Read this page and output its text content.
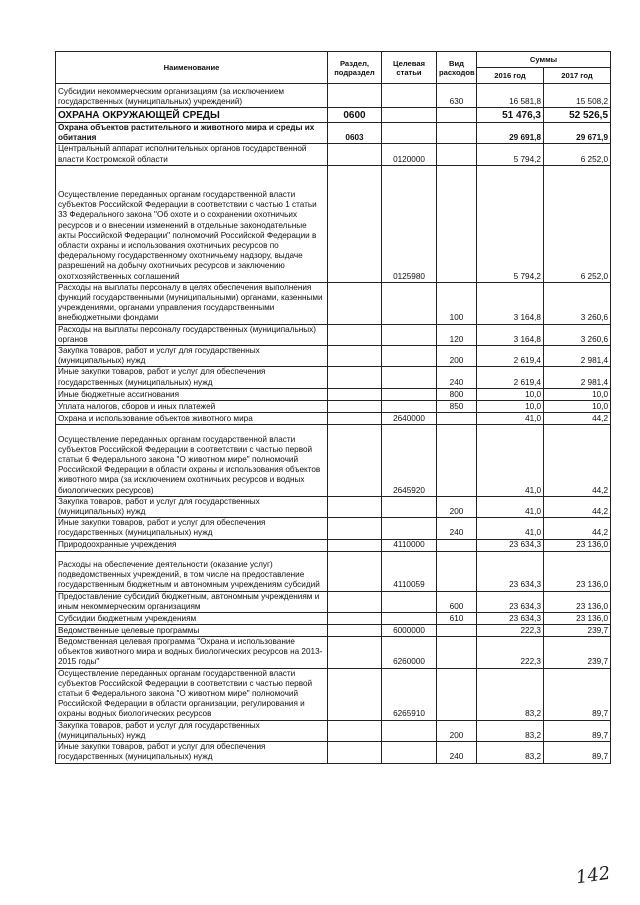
Наименование	Раздел, подраздел	Целевая статьи	Вид расходов	Суммы	
				2016 год	2017 год
Субсидии некоммерческим организациям (за исключением государственных (муниципальных) учреждений)			630	16 581,8	15 508,2
ОХРАНА ОКРУЖАЮЩЕЙ СРЕДЫ	0600			51 476,3	52 526,5
Охрана объектов растительного и животного мира и среды их обитания	0603			29 691,8	29 671,9
Центральный аппарат исполнительных органов государственной власти Костромской области		0120000		5 794,2	6 252,0
Осуществление переданных органам государственной власти субъектов Российской Федерации в соответствии с частью 1 статьи 33 Федерального закона "Об охоте и о сохранении охотничьих ресурсов и о внесении изменений в отдельные законодательные акты Российской Федерации" полномочий Российской Федерации в области охраны и использования охотничьих ресурсов по федеральному государственному охотничьему надзору, выдаче разрешений на добычу охотничьих ресурсов и заключению охотхозяйственных соглашений		0125980		5 794,2	6 252,0
Расходы на выплаты персоналу в целях обеспечения выполнения функций государственными (муниципальными) органами, казенными учреждениями, органами управления государственными внебюджетными фондами			100	3 164,8	3 260,6
Расходы на выплаты персоналу государственных (муниципальных) органов			120	3 164,8	3 260,6
Закупка товаров, работ и услуг для государственных (муниципальных) нужд			200	2 619,4	2 981,4
Иные закупки товаров, работ и услуг для обеспечения государственных (муниципальных) нужд			240	2 619,4	2 981,4
Иные бюджетные ассигнования			800	10,0	10,0
Уплата налогов, сборов и иных платежей			850	10,0	10,0
Охрана и использование объектов животного мира		2640000		41,0	44,2
Осуществление переданных органам государственной власти субъектов Российской Федерации в соответствии с частью первой статьи 6 Федерального закона "О животном мире" полномочий Российской Федерации в области охраны и использования объектов животного мира (за исключением охотничьих ресурсов и водных биологических ресурсов)		2645920		41,0	44,2
Закупка товаров, работ и услуг для государственных (муниципальных) нужд			200	41,0	44,2
Иные закупки товаров, работ и услуг для обеспечения государственных (муниципальных) нужд			240	41,0	44,2
Природоохранные учреждения		4110000		23 634,3	23 136,0
Расходы на обеспечение деятельности (оказание услуг) подведомственных учреждений, в том числе на предоставление государственным бюджетным и автономным учреждениям субсидий		4110059		23 634,3	23 136,0
Предоставление субсидий бюджетным, автономным учреждениям и иным некоммерческим организациям			600	23 634,3	23 136,0
Субсидии бюджетным учреждениям			610	23 634,3	23 136,0
Ведомственные целевые программы		6000000		222,3	239,7
Ведомственная целевая программа "Охрана и использование объектов животного мира и водных биологических ресурсов на 2013-2015 годы"		6260000		222,3	239,7
Осуществление переданных органам государственной власти субъектов Российской Федерации в соответствии с частью первой статьи 6 Федерального закона "О животном мире" полномочий Российской Федерации в области организации, регулирования и охраны водных биологических ресурсов		6265910		83,2	89,7
Закупка товаров, работ и услуг для государственных (муниципальных) нужд			200	83,2	89,7
Иные закупки товаров, работ и услуг для обеспечения государственных (муниципальных) нужд			240	83,2	89,7
142
